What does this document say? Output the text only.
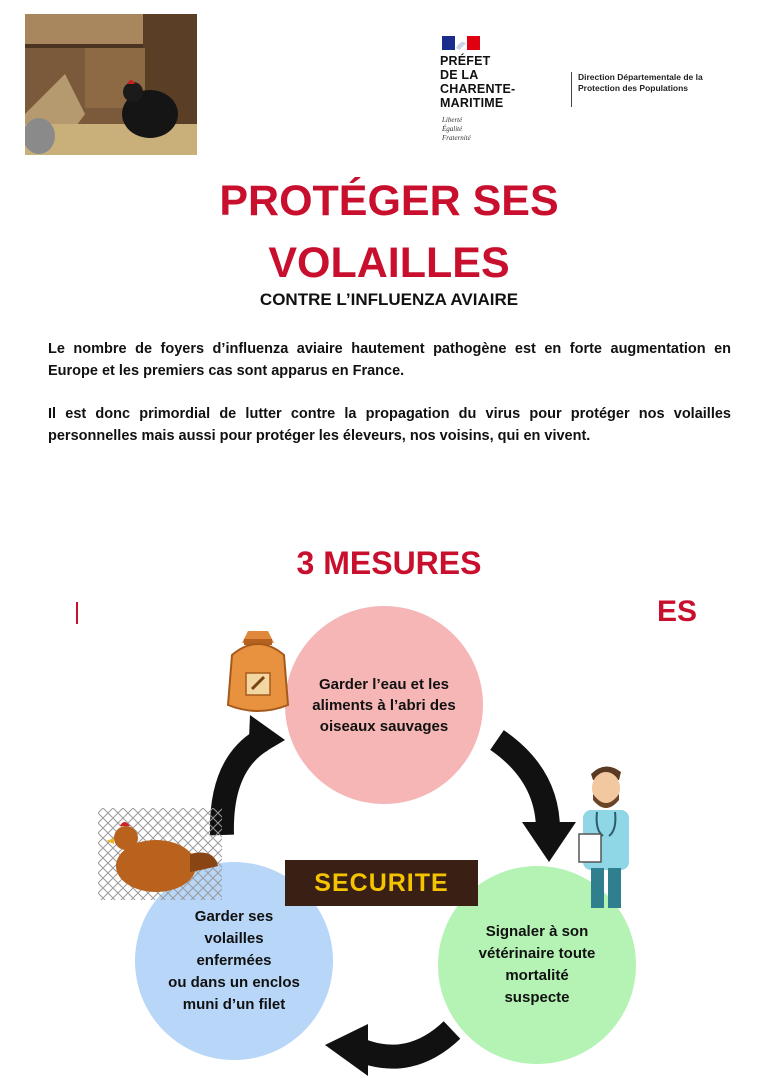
PRÉFET
DE LA
CHARENTE-
MARITIME
Liberté
Égalité
Fraternité
Direction Départementale de la Protection des Populations
PROTÉGER SES
VOLAILLES
CONTRE L’INFLUENZA AVIAIRE
Le nombre de foyers d’influenza aviaire hautement pathogène est en forte augmentation en Europe et les premiers cas sont apparus en France.
Il est donc primordial de lutter contre la propagation du virus pour protéger nos volailles personnelles mais aussi pour protéger les éleveurs, nos voisins, qui en vivent.
3 MESURES
ES
Garder l’eau et les
aliments à l’abri des
oiseaux sauvages
Garder ses
volailles
enfermées
ou dans un enclos
muni d’un filet
Signaler à son
vétérinaire toute
mortalité
suspecte
SECURITE
